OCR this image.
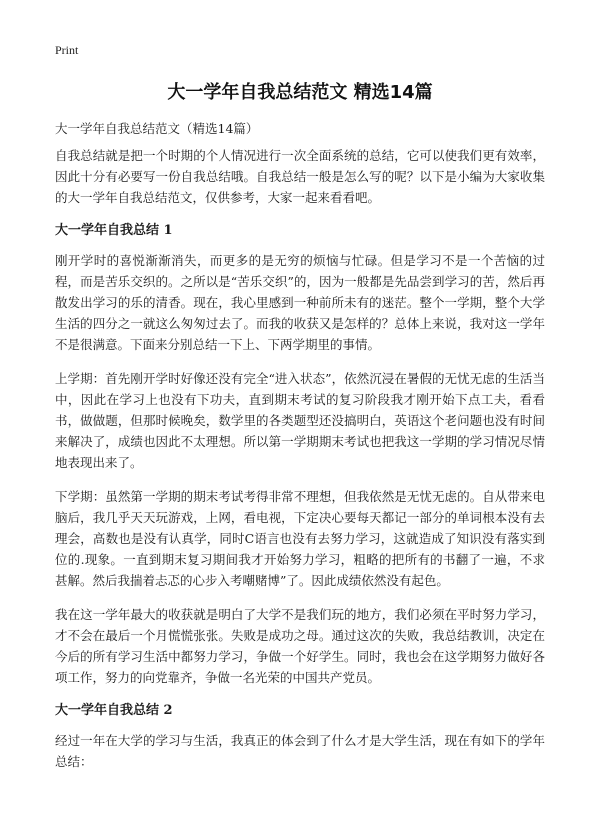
Print
大一学年自我总结范文 精选14篇

大一学年自我总结范文（精选14篇）

自我总结就是把一个时期的个人情况进行一次全面系统的总结，它可以使我们更有效率，因此十分有必要写一份自我总结哦。自我总结一般是怎么写的呢？以下是小编为大家收集的大一学年自我总结范文，仅供参考，大家一起来看看吧。

大一学年自我总结 1

刚开学时的喜悦渐渐消失，而更多的是无穷的烦恼与忙碌。但是学习不是一个苦恼的过程，而是苦乐交织的。之所以是“苦乐交织”的，因为一般都是先品尝到学习的苦，然后再散发出学习的乐的清香。现在，我心里感到一种前所未有的迷茫。整个一学期，整个大学生活的四分之一就这么匆匆过去了。而我的收获又是怎样的？总体上来说，我对这一学年不是很满意。下面来分别总结一下上、下两学期里的事情。

上学期：首先刚开学时好像还没有完全“进入状态”，依然沉浸在暑假的无忧无虑的生活当中，因此在学习上也没有下功夫，直到期末考试的复习阶段我才刚开始下点工夫，看看书，做做题，但那时候晚矣，数学里的各类题型还没搞明白，英语这个老问题也没有时间来解决了，成绩也因此不太理想。所以第一学期期末考试也把我这一学期的学习情况尽情地表现出来了。

下学期：虽然第一学期的期末考试考得非常不理想，但我依然是无忧无虑的。自从带来电脑后，我几乎天天玩游戏，上网，看电视，下定决心要每天都记一部分的单词根本没有去理会，高数也是没有认真学，同时C语言也没有去努力学习，这就造成了知识没有落实到位的.现象。一直到期末复习期间我才开始努力学习，粗略的把所有的书翻了一遍，不求甚解。然后我揣着忐忑的心步入考嘲赌博”了。因此成绩依然没有起色。

我在这一学年最大的收获就是明白了大学不是我们玩的地方，我们必须在平时努力学习，才不会在最后一个月慌慌张张。失败是成功之母。通过这次的失败，我总结教训，决定在今后的所有学习生活中都努力学习，争做一个好学生。同时，我也会在这学期努力做好各项工作，努力的向党靠齐，争做一名光荣的中国共产党员。

大一学年自我总结 2

经过一年在大学的学习与生活，我真正的体会到了什么才是大学生活，现在有如下的学年总结：
